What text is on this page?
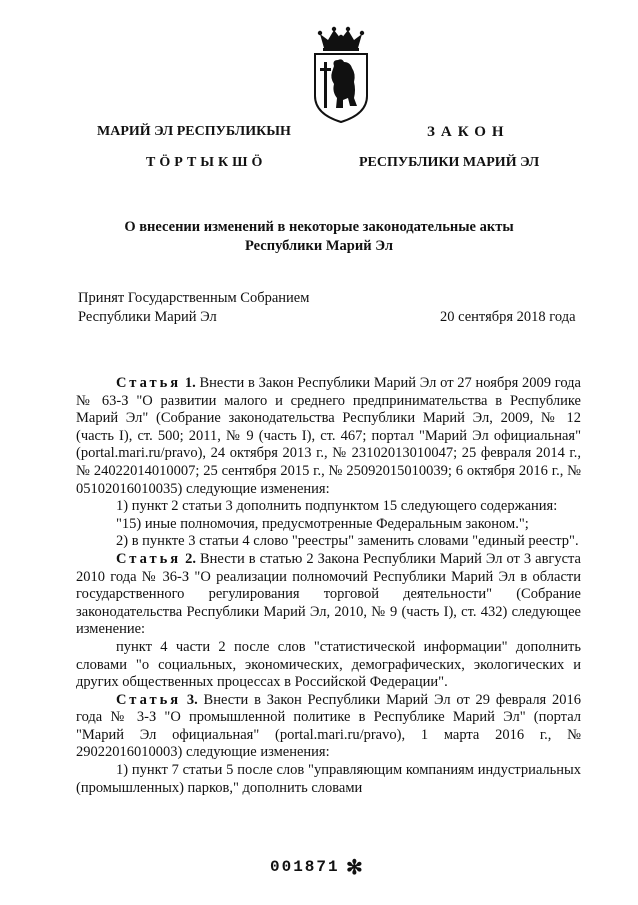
МАРИЙ ЭЛ РЕСПУБЛИКЫН
ТӦРТЫКШӦ
ЗАКОН
РЕСПУБЛИКИ МАРИЙ ЭЛ
О внесении изменений в некоторые законодательные акты
Республики Марий Эл
Принят Государственным Собранием
Республики Марий Эл	20 сентября 2018 года

Статья 1. Внести в Закон Республики Марий Эл от 27 ноября 2009 года № 63-З "О развитии малого и среднего предпринимательства в Республике Марий Эл" (Собрание законодательства Республики Марий Эл, 2009, № 12 (часть I), ст. 500; 2011, № 9 (часть I), ст. 467; портал "Марий Эл официальная" (portal.mari.ru/pravo), 24 октября 2013 г., № 23102013010047; 25 февраля 2014 г., № 24022014010007; 25 сентября 2015 г., № 25092015010039; 6 октября 2016 г., № 05102016010035) следующие изменения:

1) пункт 2 статьи 3 дополнить подпунктом 15 следующего содержания:

"15) иные полномочия, предусмотренные Федеральным законом.";

2) в пункте 3 статьи 4 слово "реестры" заменить словами "единый реестр".

Статья 2. Внести в статью 2 Закона Республики Марий Эл от 3 августа 2010 года № 36-З "О реализации полномочий Республики Марий Эл в области государственного регулирования торговой деятельности" (Собрание законодательства Республики Марий Эл, 2010, № 9 (часть I), ст. 432) следующее изменение:

пункт 4 части 2 после слов "статистической информации" дополнить словами "о социальных, экономических, демографических, экологических и других общественных процессах в Российской Федерации".

Статья 3. Внести в Закон Республики Марий Эл от 29 февраля 2016 года № 3-З "О промышленной политике в Республике Марий Эл" (портал "Марий Эл официальная" (portal.mari.ru/pravo), 1 марта 2016 г., № 29022016010003) следующие изменения:

1) пункт 7 статьи 5 после слов "управляющим компаниям индустриальных (промышленных) парков," дополнить словами

001871 ✻
